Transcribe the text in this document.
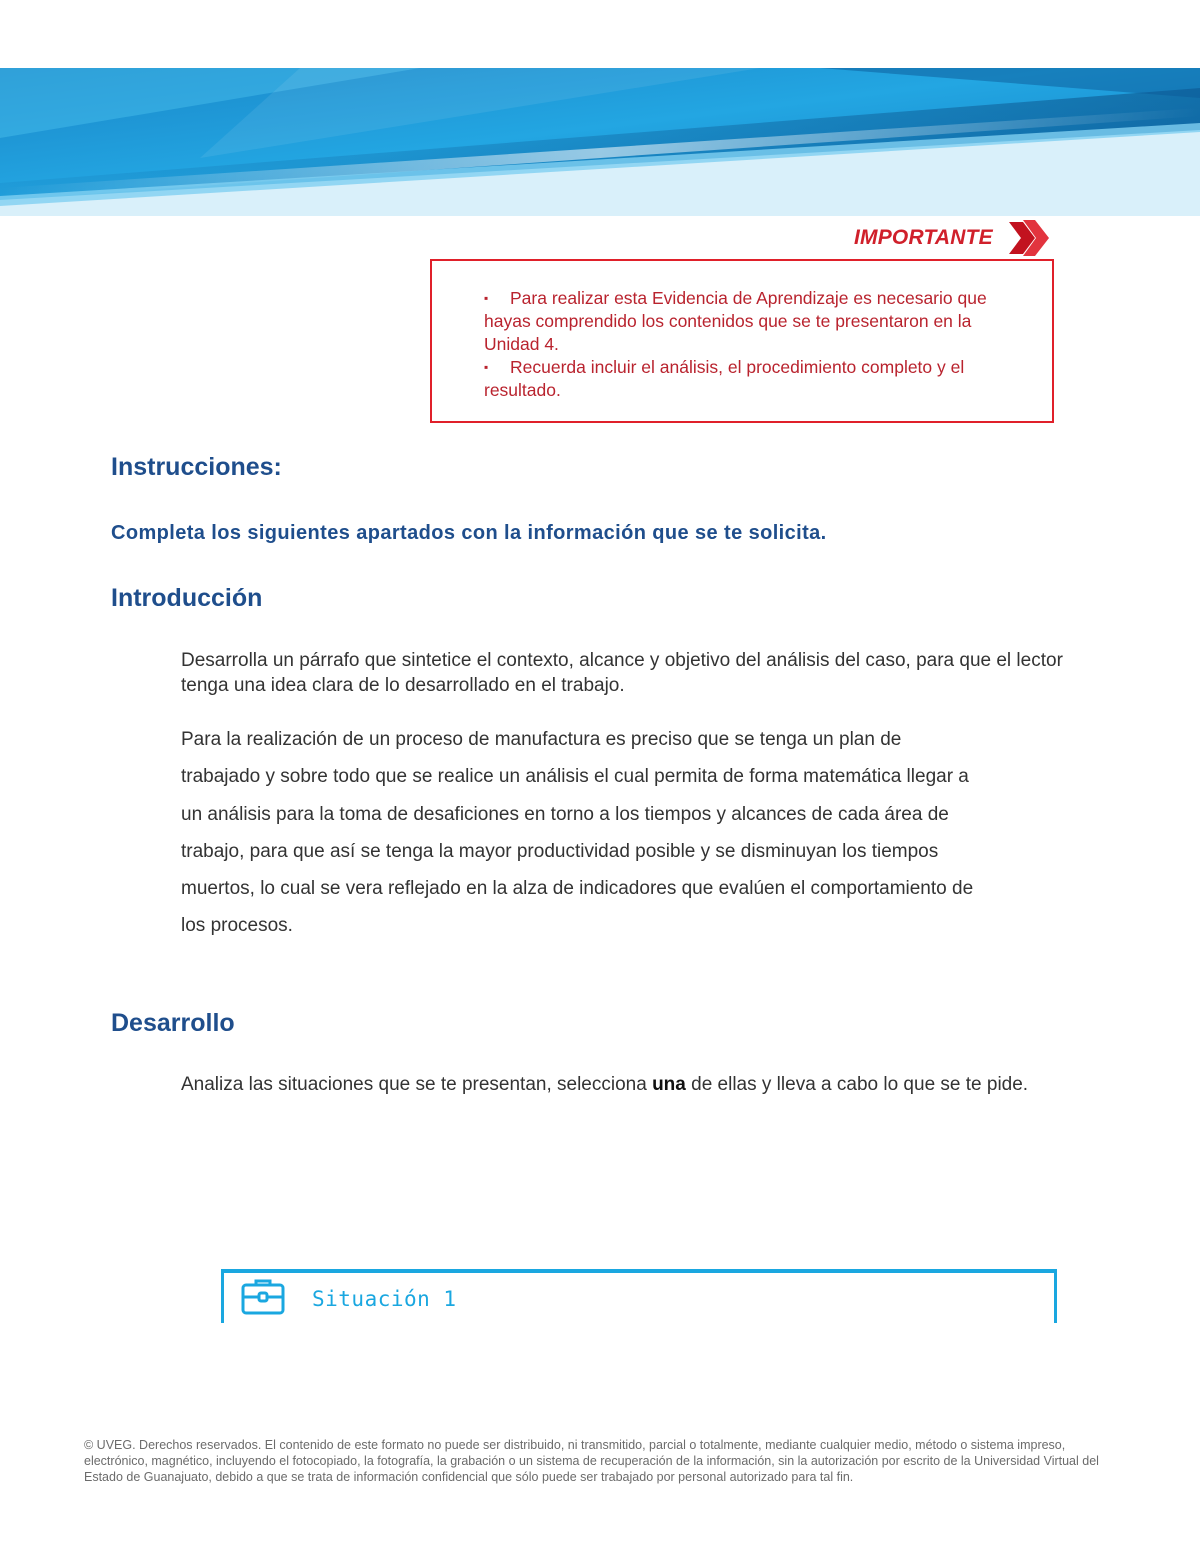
IMPORTANTE
▪ Para realizar esta Evidencia de Aprendizaje es necesario que hayas comprendido los contenidos que se te presentaron en la Unidad 4.
▪ Recuerda incluir el análisis, el procedimiento completo y el resultado.
Instrucciones:
Completa los siguientes apartados con la información que se te solicita.
Introducción

Desarrolla un párrafo que sintetice el contexto, alcance y objetivo del análisis del caso, para que el lector tenga una idea clara de lo desarrollado en el trabajo.

Para la realización de un proceso de manufactura es preciso que se tenga un plan de
trabajado y sobre todo que se realice un análisis el cual permita de forma matemática llegar a
un análisis para la toma de desaficiones en torno a los tiempos y alcances de cada área de
trabajo, para que así se tenga la mayor productividad posible y se disminuyan los tiempos
muertos, lo cual se vera reflejado en la alza de indicadores que evalúen el comportamiento de
los procesos.

Desarrollo

Analiza las situaciones que se te presentan, selecciona una de ellas y lleva a cabo lo que se te pide.

Situación 1

© UVEG. Derechos reservados. El contenido de este formato no puede ser distribuido, ni transmitido, parcial o totalmente, mediante cualquier medio, método o sistema impreso, electrónico, magnético, incluyendo el fotocopiado, la fotografía, la grabación o un sistema de recuperación de la información, sin la autorización por escrito de la Universidad Virtual del Estado de Guanajuato, debido a que se trata de información confidencial que sólo puede ser trabajado por personal autorizado para tal fin.
